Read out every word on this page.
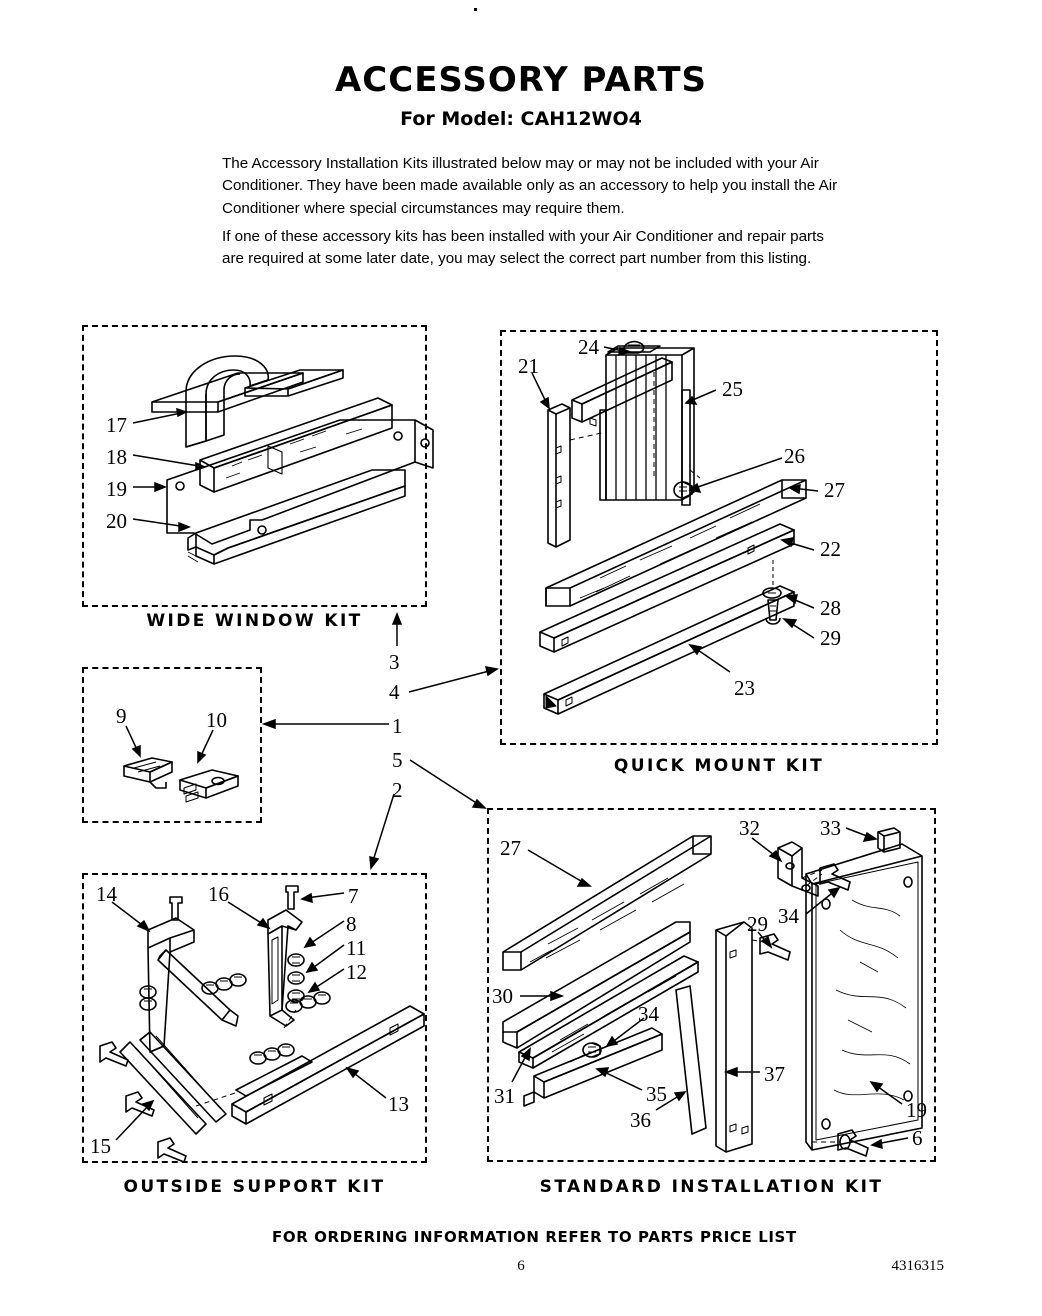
ACCESSORY PARTS
For Model: CAH12WO4

The Accessory Installation Kits illustrated below may or may not be included with your Air Conditioner. They have been made available only as an accessory to help you install the Air Conditioner where special circumstances may require them.

If one of these accessory kits has been installed with your Air Conditioner and repair parts are required at some later date, you may select the correct part number from this listing.

WIDE WINDOW KIT
17
18
19
20
QUICK MOUNT KIT
21
24
25
26
27
22
28
29
23
9	10
3
4
1
5
2
OUTSIDE SUPPORT KIT
14	16	7
8
11
12
15
13
STANDARD INSTALLATION KIT
27
32	33
29 34
30
31
34
35
36
37
19
6
FOR ORDERING INFORMATION REFER TO PARTS PRICE LIST
6	4316315
